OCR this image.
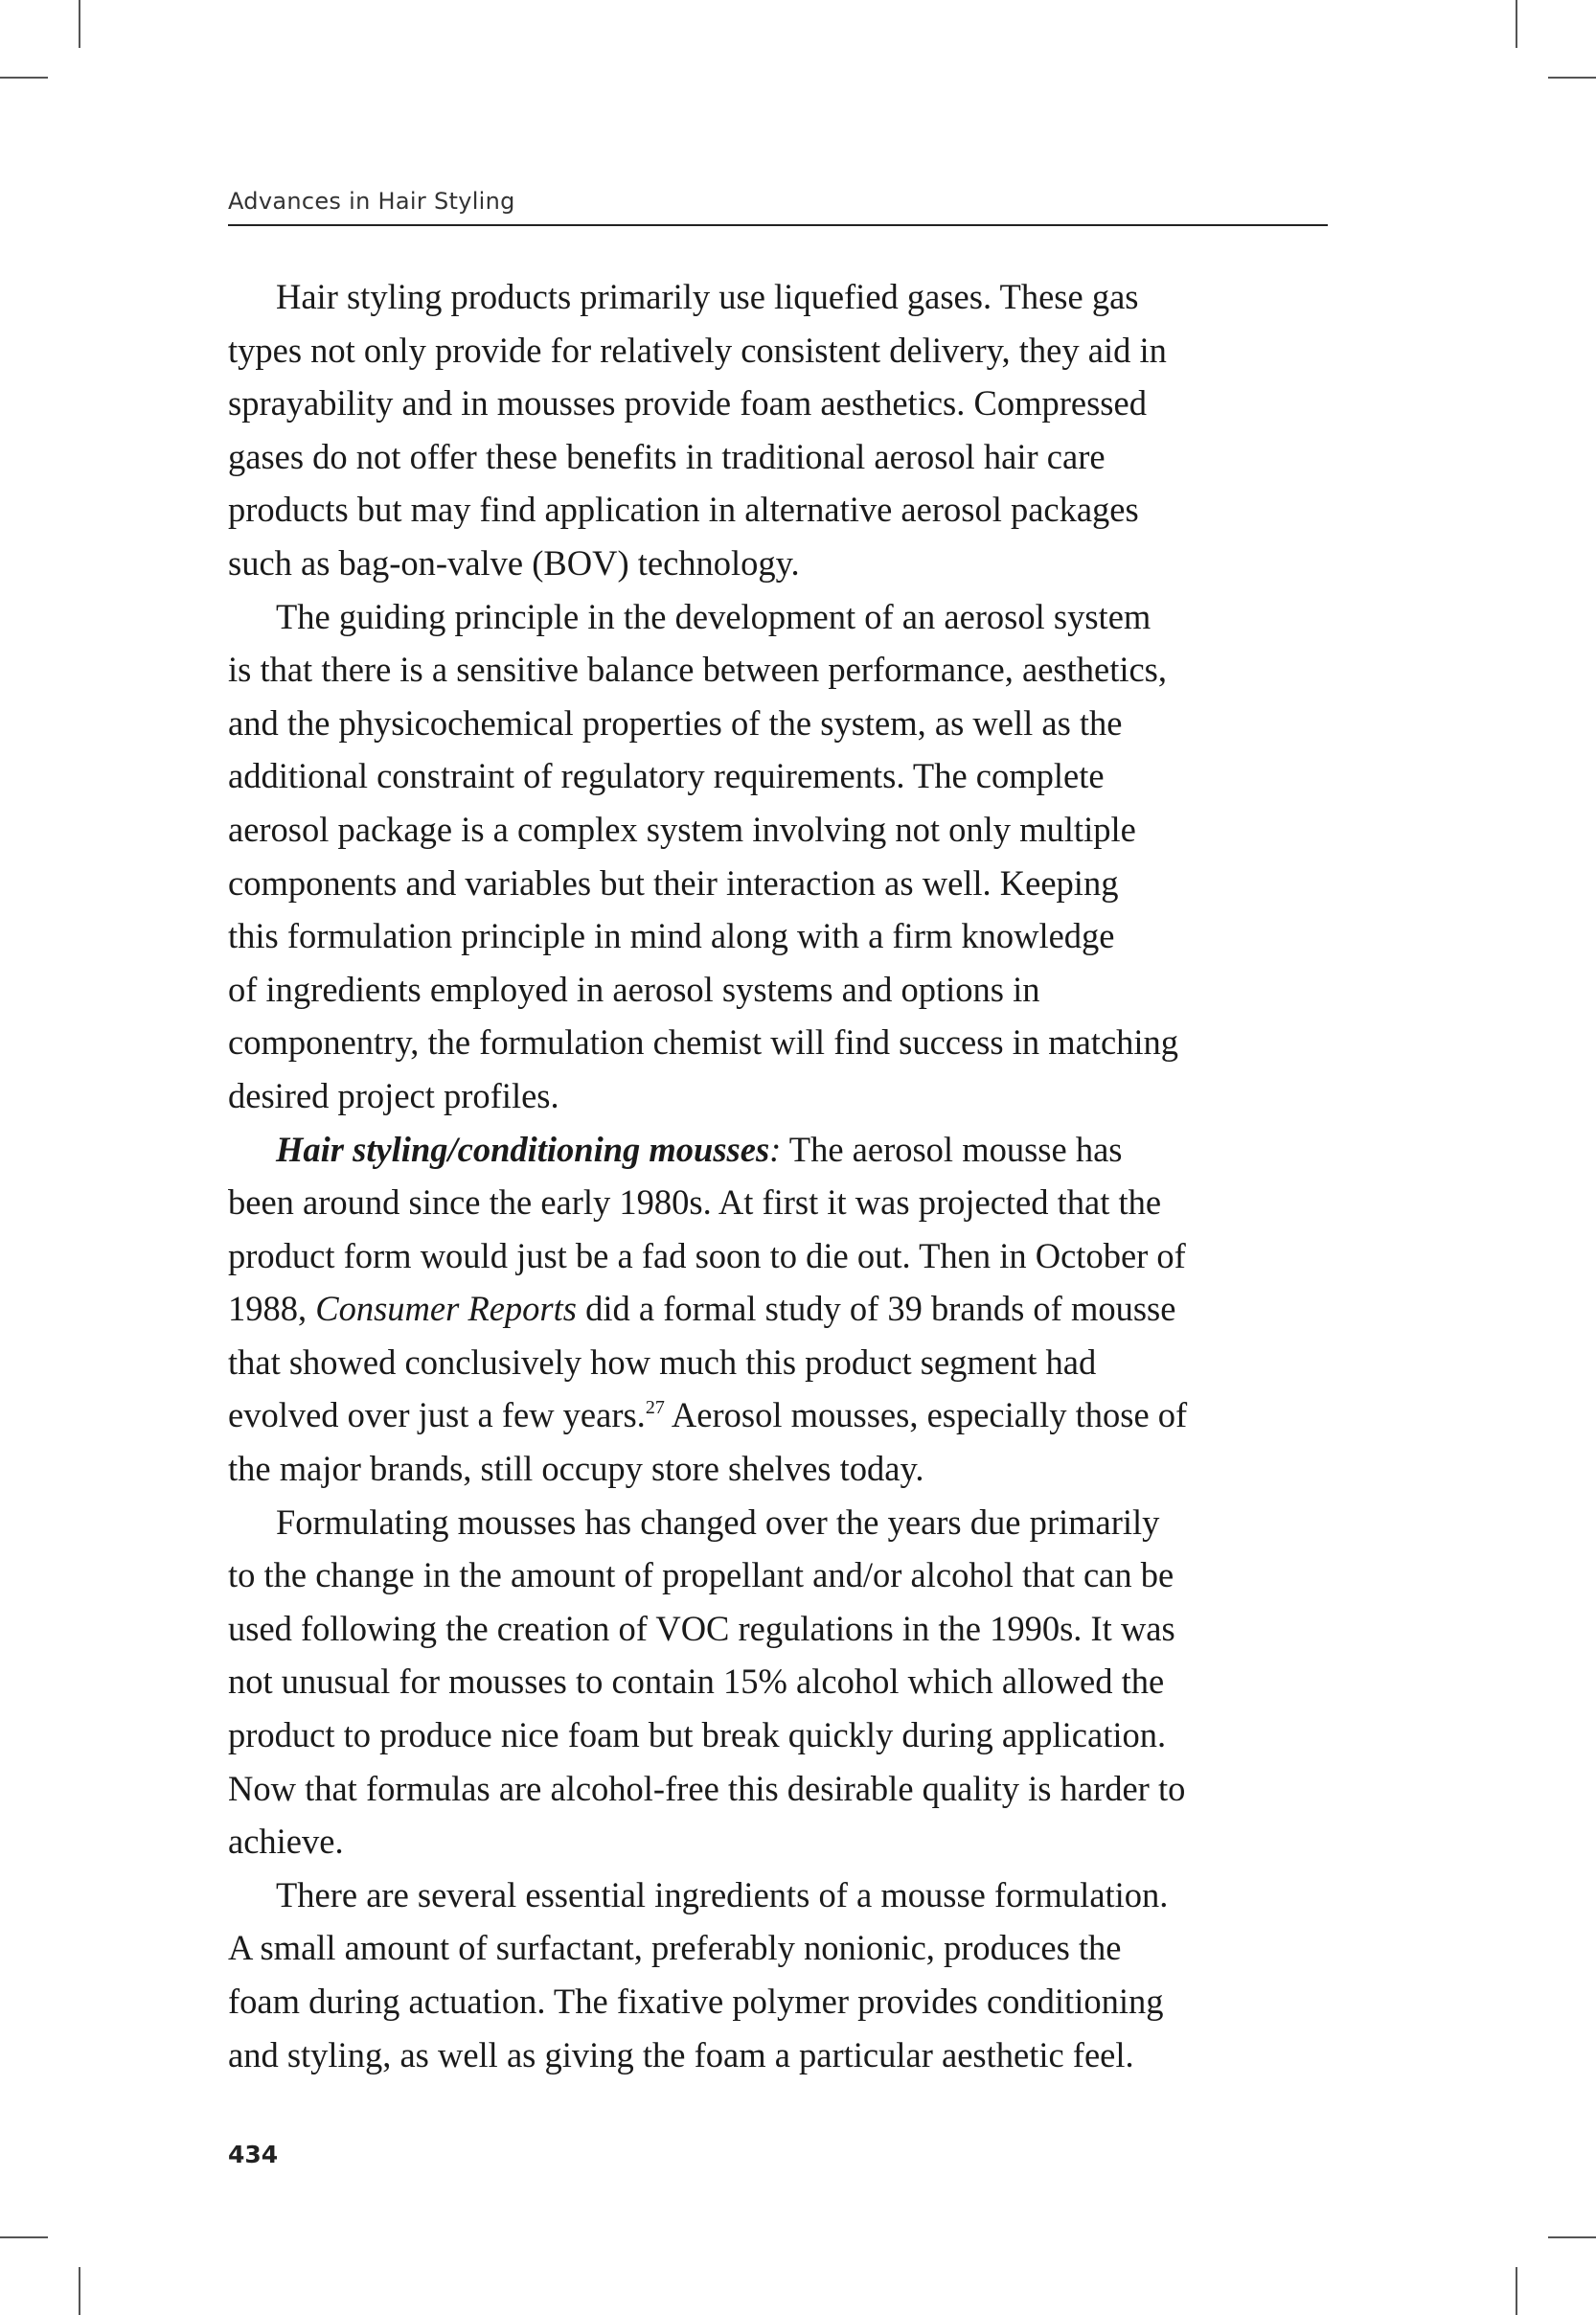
Advances in Hair Styling

Hair styling products primarily use liquefied gases. These gas

types not only provide for relatively consistent delivery, they aid in
sprayability and in mousses provide foam aesthetics. Compressed
gases do not offer these benefits in traditional aerosol hair care
products but may find application in alternative aerosol packages
such as bag-on-valve (BOV) technology.

The guiding principle in the development of an aerosol system

is that there is a sensitive balance between performance, aesthetics,
and the physicochemical properties of the system, as well as the
additional constraint of regulatory requirements. The complete
aerosol package is a complex system involving not only multiple
components and variables but their interaction as well. Keeping
this formulation principle in mind along with a firm knowledge
of ingredients employed in aerosol systems and options in
componentry, the formulation chemist will find success in matching
desired project profiles.

Hair styling/conditioning mousses: The aerosol mousse has

been around since the early 1980s. At first it was projected that the
product form would just be a fad soon to die out. Then in October of
1988, Consumer Reports did a formal study of 39 brands of mousse
that showed conclusively how much this product segment had
evolved over just a few years.$^{27}$ Aerosol mousses, especially those of
the major brands, still occupy store shelves today.

Formulating mousses has changed over the years due primarily

to the change in the amount of propellant and/or alcohol that can be
used following the creation of VOC regulations in the 1990s. It was
not unusual for mousses to contain 15% alcohol which allowed the
product to produce nice foam but break quickly during application.
Now that formulas are alcohol-free this desirable quality is harder to
achieve.

There are several essential ingredients of a mousse formulation.

A small amount of surfactant, preferably nonionic, produces the
foam during actuation. The fixative polymer provides conditioning
and styling, as well as giving the foam a particular aesthetic feel.
434
